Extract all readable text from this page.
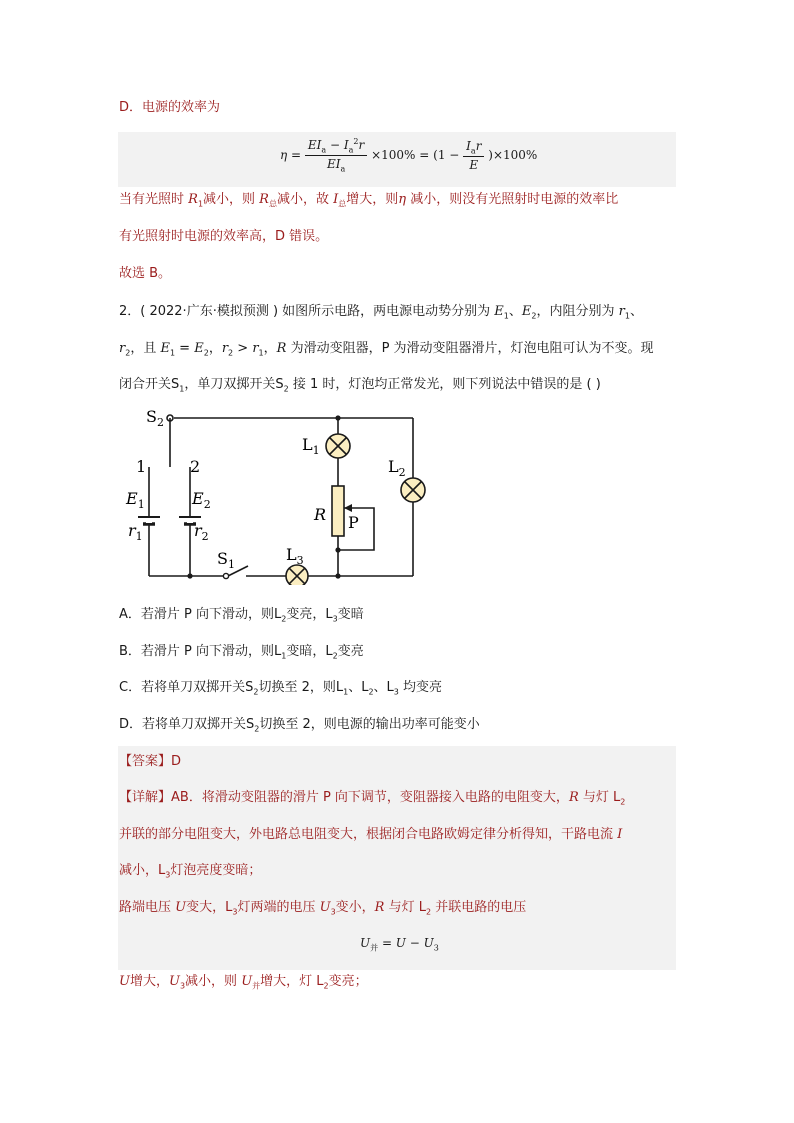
D．电源的效率为
$\eta = \frac{EI_a - I_a^2r}{EI_a} \times 100\% = (1 - \frac{I_ar}{E} )\times 100\%$
当有光照时 $R_1$减小，则 $R_总$减小，故 $I_总$增大，则η 减小，则没有光照射时电源的效率比
有光照射时电源的效率高，D 错误。
故选 B。
2．( 2022·广东·模拟预测 ) 如图所示电路，两电源电动势分别为 $E_1$、$E_2$，内阻分别为 $r_1$、
$r_2$，且 $E_1 = E_2$，$r_2 > r_1$，R 为滑动变阻器，P 为滑动变阻器滑片，灯泡电阻可认为不变。现
闭合开关$S_1$，单刀双掷开关$S_2$ 接 1 时，灯泡均正常发光，则下列说法中错误的是 ( )
$S_2$
1	2
$E_1$	$E_2$
$r_1$	$r_2$
$L_1$
$L_2$
$L_3$
R P
$S_1$
A．若滑片 P 向下滑动，则$L_2$变亮，$L_3$变暗
B．若滑片 P 向下滑动，则$L_1$变暗，$L_2$变亮
C．若将单刀双掷开关$S_2$切换至 2，则$L_1$、$L_2$、$L_3$ 均变亮
D．若将单刀双掷开关$S_2$切换至 2，则电源的输出功率可能变小
【答案】D
【详解】AB．将滑动变阻器的滑片 P 向下调节，变阻器接入电路的电阻变大，R 与灯 $L_2$
并联的部分电阻变大，外电路总电阻变大，根据闭合电路欧姆定律分析得知，干路电流 I
减小，$L_3$灯泡亮度变暗；
路端电压 U变大，$L_3$灯两端的电压 $U_3$变小，R 与灯 $L_2$ 并联电路的电压
$U_并 = U - U_3$
U增大，$U_3$减小，则 $U_并$增大，灯 $L_2$变亮；
